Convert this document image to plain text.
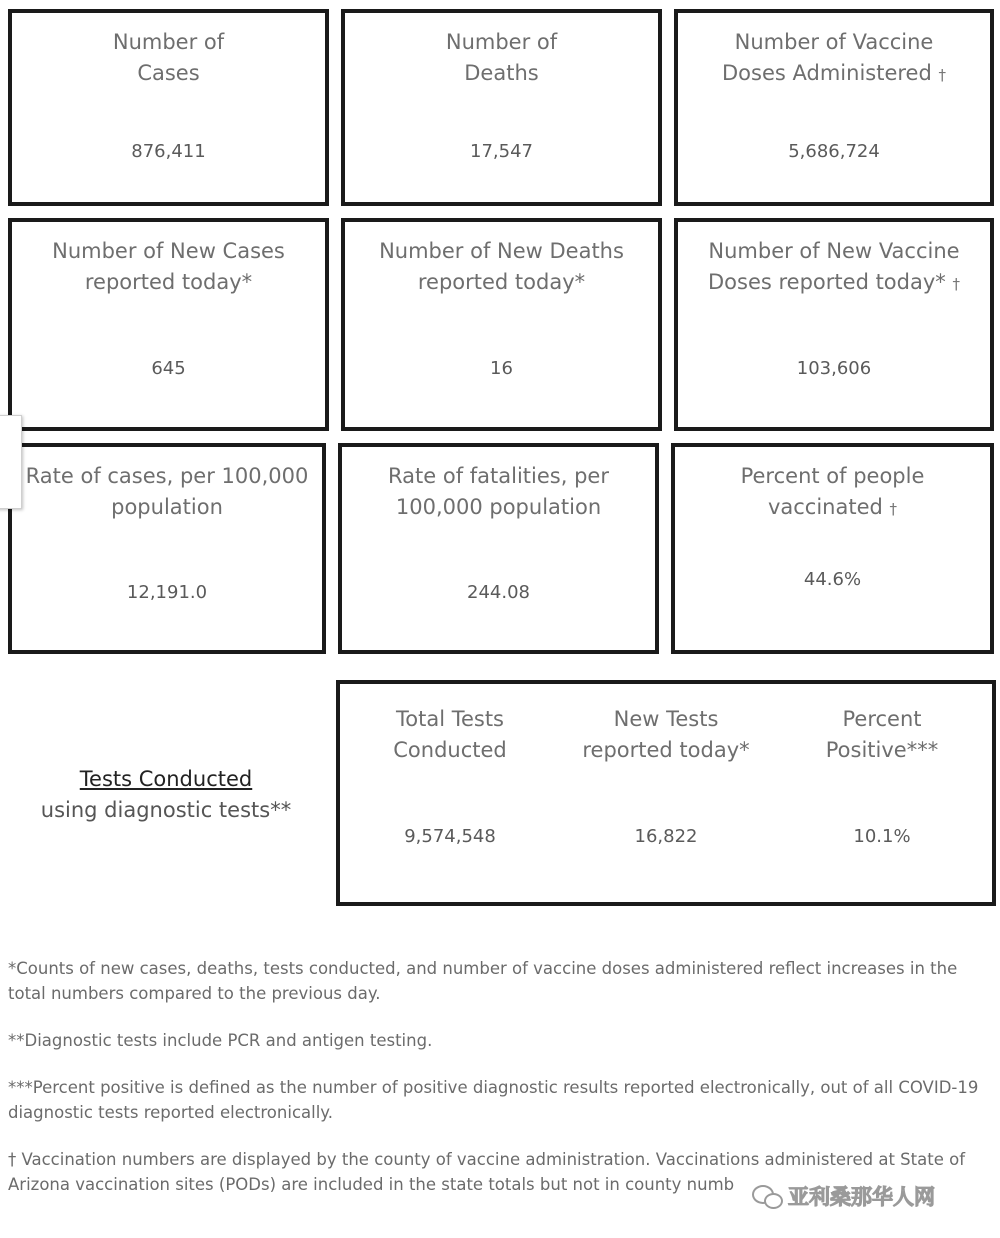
Number of
Cases
876,411
Number of
Deaths
17,547
Number of Vaccine
Doses Administered †
5,686,724
Number of New Cases
reported today*
645
Number of New Deaths
reported today*
16
Number of New Vaccine
Doses reported today* †
103,606
Rate of cases, per 100,000
population
12,191.0
Rate of fatalities, per
100,000 population
244.08
Percent of people
vaccinated †
44.6%
Tests Conducted
using diagnostic tests**
Total Tests
Conducted
9,574,548
New Tests
reported today*
16,822
Percent
Positive***
10.1%

*Counts of new cases, deaths, tests conducted, and number of vaccine doses administered reflect increases in the total numbers compared to the previous day.

**Diagnostic tests include PCR and antigen testing.

***Percent positive is defined as the number of positive diagnostic results reported electronically, out of all COVID-19 diagnostic tests reported electronically.

† Vaccination numbers are displayed by the county of vaccine administration. Vaccinations administered at State of Arizona vaccination sites (PODs) are included in the state totals but not in county numb

亚利桑那华人网
